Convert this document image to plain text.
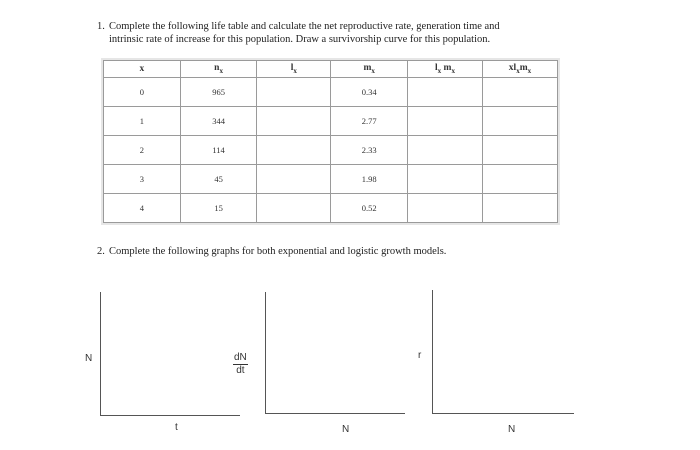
1. Complete the following life table and calculate the net reproductive rate, generation time and
intrinsic rate of increase for this population. Draw a survivorship curve for this population.
x	$n_x$	$l_x$	$m_x$	$l_x$ $m_x$	$xl_xm_x$
0	965		0.34		
1	344		2.77		
2	114		2.33		
3	45		1.98		
4	15		0.52		
2. Complete the following graphs for both exponential and logistic growth models.
N
t
$\frac{dN}{dt}$
N
r
N
